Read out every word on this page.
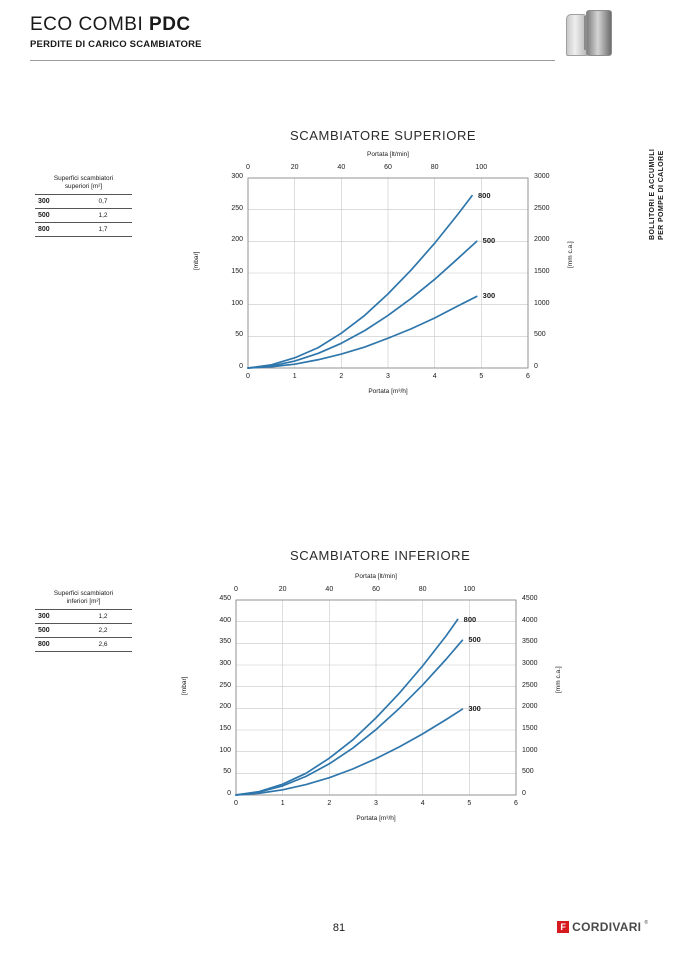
ECO COMBI PDC
PERDITE DI CARICO SCAMBIATORE
BOLLITORI E ACCUMULI PER POMPE DI CALORE
SCAMBIATORE SUPERIORE
Superfici scambiatori
superiori [m²]
300	0,7
500	1,2
800	1,7
Portata [lt/min]
Portata [m³/h]
[mbar]	[mm c.a.]
0	1	2	3	4	5	6
0	20	40	60	80	100
0	0
50	500
100	1000
150	1500
200	2000
250	2500
300	3000
800
500
300
SCAMBIATORE INFERIORE
Superfici scambiatori
inferiori [m²]
300	1,2
500	2,2
800	2,6
Portata [lt/min]
Portata [m³/h]
[mbar]	[mm c.a.]
0	1	2	3	4	5	6
0	20	40	60	80	100
0	0
50	500
100	1000
150	1500
200	2000
250	2500
300	3000
350	3500
400	4000
450	4500
800
500
300
81	F CORDIVARI ®
